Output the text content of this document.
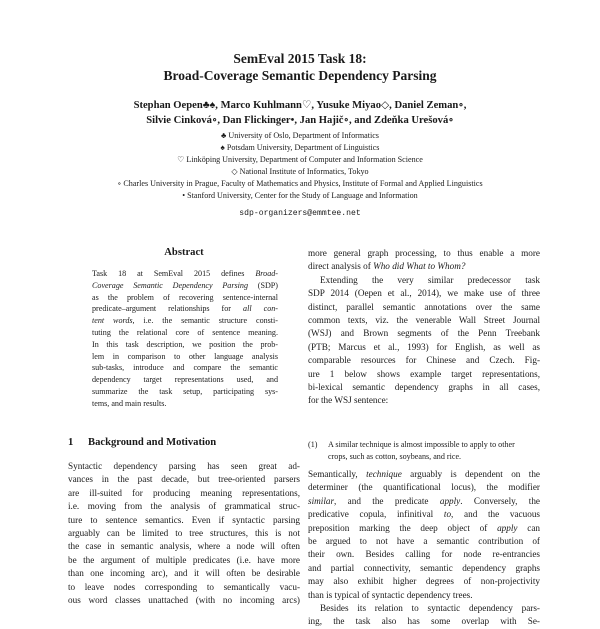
SemEval 2015 Task 18:
Broad-Coverage Semantic Dependency Parsing
Stephan Oepen♣♠, Marco Kuhlmann♡, Yusuke Miyao◇, Daniel Zeman∘,
Silvie Cinková∘, Dan Flickinger•, Jan Hajič∘, and Zdeňka Urešová∘
♣ University of Oslo, Department of Informatics
♠ Potsdam University, Department of Linguistics
♡ Linköping University, Department of Computer and Information Science
◇ National Institute of Informatics, Tokyo
∘ Charles University in Prague, Faculty of Mathematics and Physics, Institute of Formal and Applied Linguistics
• Stanford University, Center for the Study of Language and Information
sdp-organizers@emmtee.net
Abstract
Task 18 at SemEval 2015 defines Broad-
Coverage Semantic Dependency Parsing (SDP)
as the problem of recovering sentence-internal
predicate–argument relationships for all con-
tent words, i.e. the semantic structure consti-
tuting the relational core of sentence meaning.
In this task description, we position the prob-
lem in comparison to other language analysis
sub-tasks, introduce and compare the semantic
dependency target representations used, and
summarize the task setup, participating sys-
tems, and main results.
1 Background and Motivation
Syntactic dependency parsing has seen great ad-
vances in the past decade, but tree-oriented parsers
are ill-suited for producing meaning representations,
i.e. moving from the analysis of grammatical struc-
ture to sentence semantics. Even if syntactic parsing
arguably can be limited to tree structures, this is not
the case in semantic analysis, where a node will often
be the argument of multiple predicates (i.e. have more
than one incoming arc), and it will often be desirable
to leave nodes corresponding to semantically vacu-
ous word classes unattached (with no incoming arcs)
more general graph processing, to thus enable a more
direct analysis of Who did What to Whom?
Extending the very similar predecessor task
SDP 2014 (Oepen et al., 2014), we make use of three
distinct, parallel semantic annotations over the same
common texts, viz. the venerable Wall Street Journal
(WSJ) and Brown segments of the Penn Treebank
(PTB; Marcus et al., 1993) for English, as well as
comparable resources for Chinese and Czech. Fig-
ure 1 below shows example target representations,
bi-lexical semantic dependency graphs in all cases,
for the WSJ sentence:
(1) A similar technique is almost impossible to apply to other
crops, such as cotton, soybeans, and rice.
Semantically, technique arguably is dependent on the
determiner (the quantificational locus), the modifier
similar, and the predicate apply. Conversely, the
predicative copula, infinitival to, and the vacuous
preposition marking the deep object of apply can
be argued to not have a semantic contribution of
their own. Besides calling for node re-entrancies
and partial connectivity, semantic dependency graphs
may also exhibit higher degrees of non-projectivity
than is typical of syntactic dependency trees.
Besides its relation to syntactic dependency pars-
ing, the task also has some overlap with Se-
